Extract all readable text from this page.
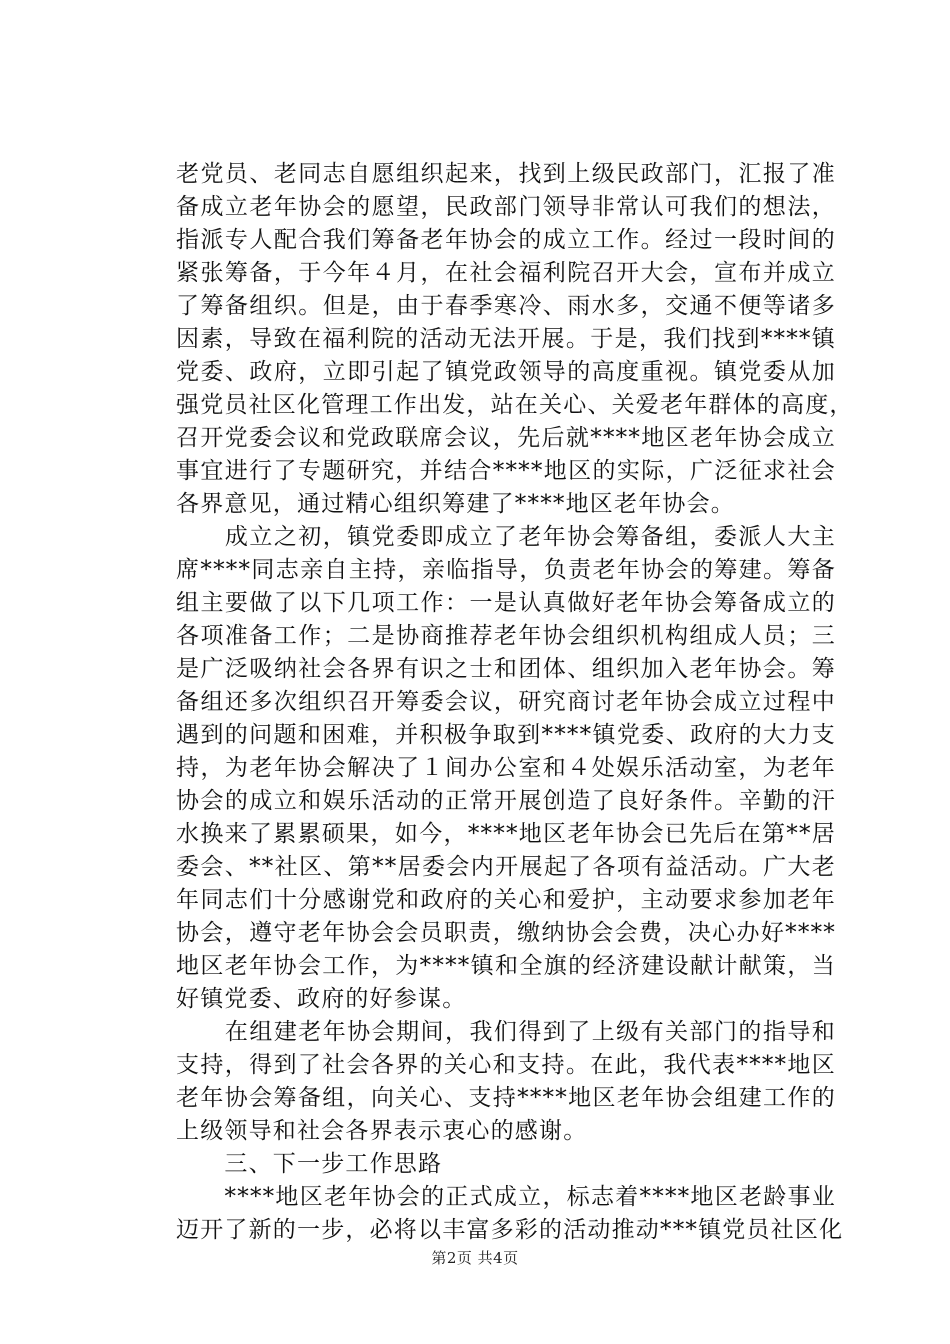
老党员、老同志自愿组织起来，找到上级民政部门，汇报了准
备成立老年协会的愿望，民政部门领导非常认可我们的想法，
指派专人配合我们筹备老年协会的成立工作。经过一段时间的
紧张筹备，于今年４月，在社会福利院召开大会，宣布并成立
了筹备组织。但是，由于春季寒冷、雨水多，交通不便等诸多
因素，导致在福利院的活动无法开展。于是，我们找到****镇
党委、政府，立即引起了镇党政领导的高度重视。镇党委从加
强党员社区化管理工作出发，站在关心、关爱老年群体的高度，
召开党委会议和党政联席会议，先后就****地区老年协会成立
事宜进行了专题研究，并结合****地区的实际，广泛征求社会
各界意见，通过精心组织筹建了****地区老年协会。
　　成立之初，镇党委即成立了老年协会筹备组，委派人大主
席****同志亲自主持，亲临指导，负责老年协会的筹建。筹备
组主要做了以下几项工作：一是认真做好老年协会筹备成立的
各项准备工作；二是协商推荐老年协会组织机构组成人员；三
是广泛吸纳社会各界有识之士和团体、组织加入老年协会。筹
备组还多次组织召开筹委会议，研究商讨老年协会成立过程中
遇到的问题和困难，并积极争取到****镇党委、政府的大力支
持，为老年协会解决了１间办公室和４处娱乐活动室，为老年
协会的成立和娱乐活动的正常开展创造了良好条件。辛勤的汗
水换来了累累硕果，如今，****地区老年协会已先后在第**居
委会、**社区、第**居委会内开展起了各项有益活动。广大老
年同志们十分感谢党和政府的关心和爱护，主动要求参加老年
协会，遵守老年协会会员职责，缴纳协会会费，决心办好****
地区老年协会工作，为****镇和全旗的经济建设献计献策，当
好镇党委、政府的好参谋。
　　在组建老年协会期间，我们得到了上级有关部门的指导和
支持，得到了社会各界的关心和支持。在此，我代表****地区
老年协会筹备组，向关心、支持****地区老年协会组建工作的
上级领导和社会各界表示衷心的感谢。
　　三、下一步工作思路
　　****地区老年协会的正式成立，标志着****地区老龄事业
迈开了新的一步，必将以丰富多彩的活动推动***镇党员社区化
第2页 共4页
